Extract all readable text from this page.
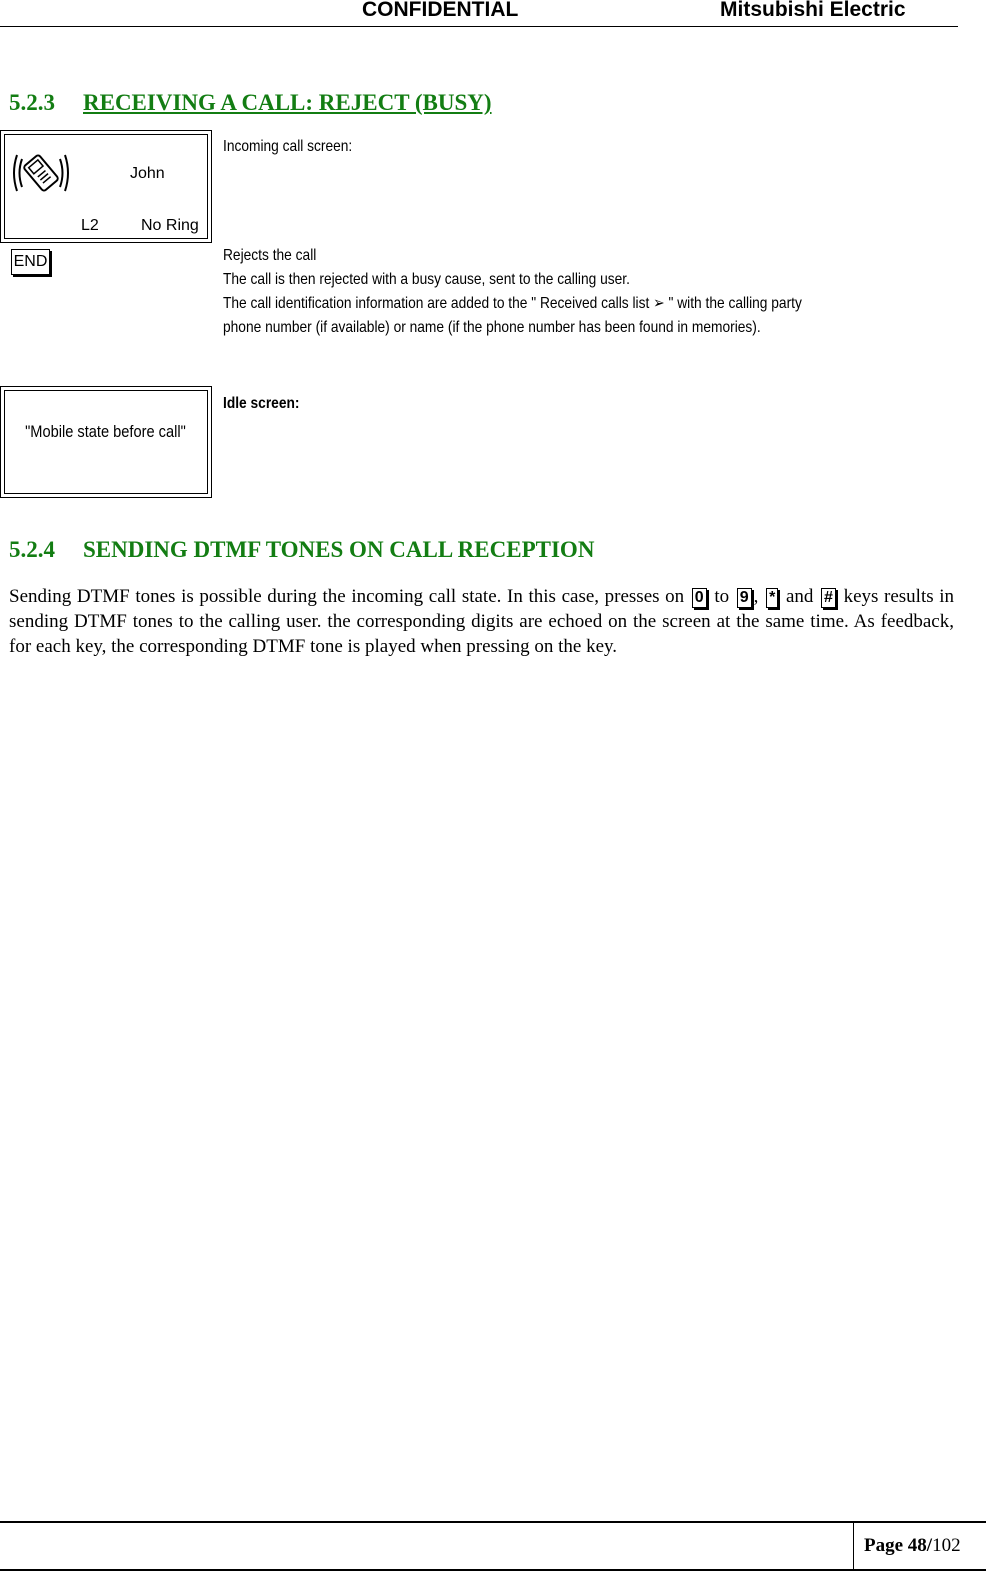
CONFIDENTIAL	Mitsubishi Electric
5.2.3 RECEIVING A CALL: REJECT (BUSY)
John
L2	No Ring
Incoming call screen:
END	Rejects the call
The call is then rejected with a busy cause, sent to the calling user.
The call identification information are added to the " Received calls list ➢ " with the calling party
phone number (if available) or name (if the phone number has been found in memories).
"Mobile state before call"
Idle screen:
5.2.4 SENDING DTMF TONES ON CALL RECEPTION
Sending DTMF tones is possible during the incoming call state. In this case, presses on 0 to 9 , * and # keys results in sending DTMF tones to the calling user. the corresponding digits are echoed on the screen at the same time. As feedback, for each key, the corresponding DTMF tone is played when pressing on the key.
Page 48/102
